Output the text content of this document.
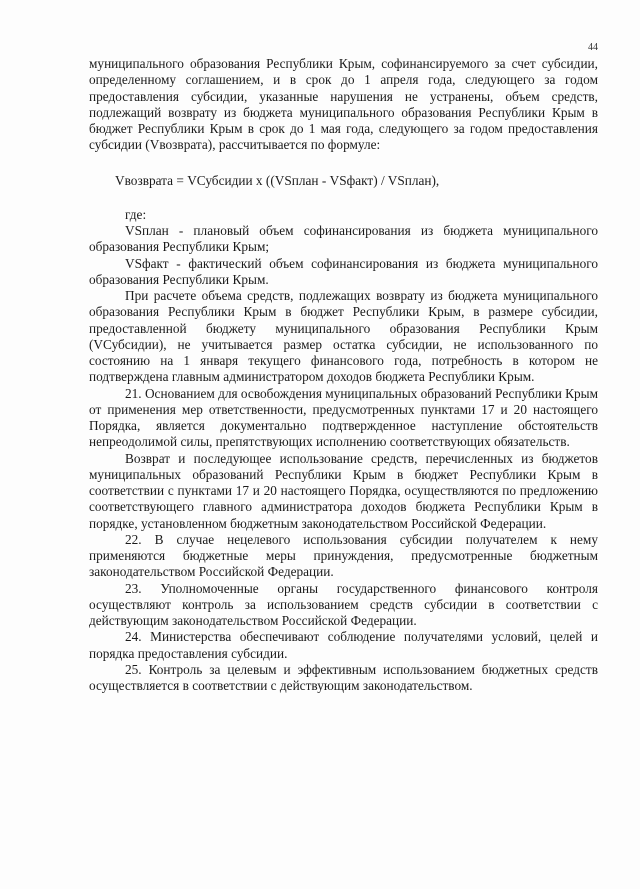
44

муниципального образования Республики Крым, софинансируемого за счет субсидии, определенному соглашением, и в срок до 1 апреля года, следующего за годом предоставления субсидии, указанные нарушения не устранены, объем средств, подлежащий возврату из бюджета муниципального образования Республики Крым в бюджет Республики Крым в срок до 1 мая года, следующего за годом предоставления субсидии (Vвозврата), рассчитывается по формуле:

Vвозврата = VСубсидии x ((VSплан - VSфакт) / VSплан),

где:

VSплан - плановый объем софинансирования из бюджета муниципального образования Республики Крым;

VSфакт - фактический объем софинансирования из бюджета муниципального образования Республики Крым.

При расчете объема средств, подлежащих возврату из бюджета муниципального образования Республики Крым в бюджет Республики Крым, в размере субсидии, предоставленной бюджету муниципального образования Республики Крым (VСубсидии), не учитывается размер остатка субсидии, не использованного по состоянию на 1 января текущего финансового года, потребность в котором не подтверждена главным администратором доходов бюджета Республики Крым.

21. Основанием для освобождения муниципальных образований Республики Крым от применения мер ответственности, предусмотренных пунктами 17 и 20 настоящего Порядка, является документально подтвержденное наступление обстоятельств непреодолимой силы, препятствующих исполнению соответствующих обязательств.

Возврат и последующее использование средств, перечисленных из бюджетов муниципальных образований Республики Крым в бюджет Республики Крым в соответствии с пунктами 17 и 20 настоящего Порядка, осуществляются по предложению соответствующего главного администратора доходов бюджета Республики Крым в порядке, установленном бюджетным законодательством Российской Федерации.

22. В случае нецелевого использования субсидии получателем к нему применяются бюджетные меры принуждения, предусмотренные бюджетным законодательством Российской Федерации.

23. Уполномоченные органы государственного финансового контроля осуществляют контроль за использованием средств субсидии в соответствии с действующим законодательством Российской Федерации.

24. Министерства обеспечивают соблюдение получателями условий, целей и порядка предоставления субсидии.

25. Контроль за целевым и эффективным использованием бюджетных средств осуществляется в соответствии с действующим законодательством.
